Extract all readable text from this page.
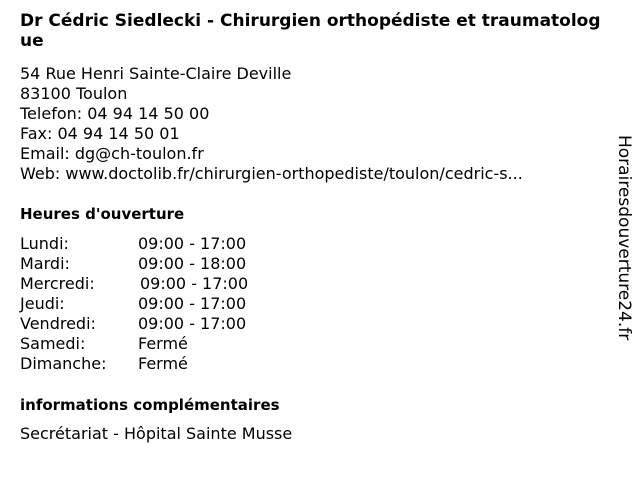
Dr Cédric Siedlecki - Chirurgien orthopédiste et traumatologue
54 Rue Henri Sainte-Claire Deville
83100 Toulon
Telefon: 04 94 14 50 00
Fax: 04 94 14 50 01
Email: dg@ch-toulon.fr
Web: www.doctolib.fr/chirurgien-orthopediste/toulon/cedric-s...
Heures d'ouverture
Lundi:	09:00 - 17:00
Mardi:	09:00 - 18:00
Mercredi:	09:00 - 17:00
Jeudi:	09:00 - 17:00
Vendredi:	09:00 - 17:00
Samedi:	Fermé
Dimanche: Fermé
informations complémentaires
Secrétariat - Hôpital Sainte Musse
Horairesdouverture24.fr
